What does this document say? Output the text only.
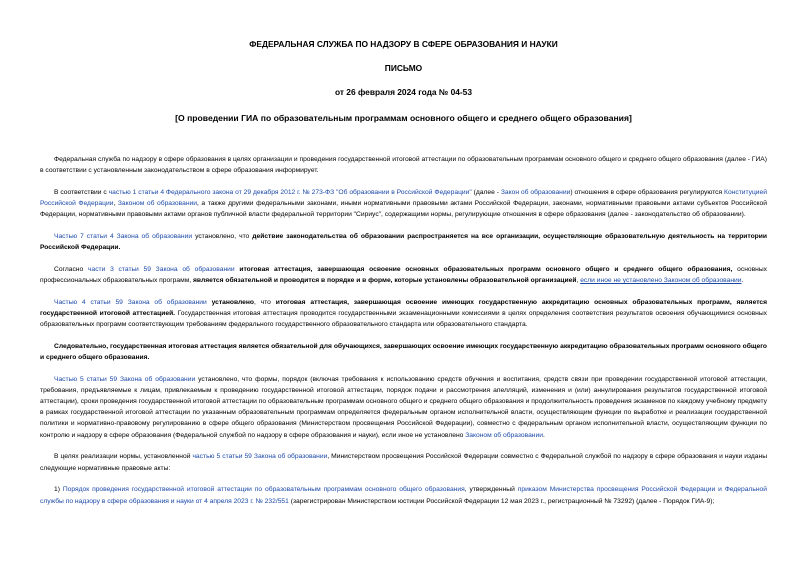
ФЕДЕРАЛЬНАЯ СЛУЖБА ПО НАДЗОРУ В СФЕРЕ ОБРАЗОВАНИЯ И НАУКИ
ПИСЬМО
от 26 февраля 2024 года № 04-53
[О проведении ГИА по образовательным программам основного общего и среднего общего образования]

Федеральная служба по надзору в сфере образования в целях организации и проведения государственной итоговой аттестации по образовательным программам основного общего и среднего общего образования (далее - ГИА) в соответствии с установленным законодательством в сфере образования информирует.

В соответствии с частью 1 статьи 4 Федерального закона от 29 декабря 2012 г. № 273-ФЗ "Об образовании в Российской Федерации" (далее - Закон об образовании) отношения в сфере образования регулируются Конституцией Российской Федерации, Законом об образовании, а также другими федеральными законами, иными нормативными правовыми актами Российской Федерации, законами, нормативными правовыми актами субъектов Российской Федерации, нормативными правовыми актами органов публичной власти федеральной территории "Сириус", содержащими нормы, регулирующие отношения в сфере образования (далее - законодательство об образовании).

Частью 7 статьи 4 Закона об образовании установлено, что действие законодательства об образовании распространяется на все организации, осуществляющие образовательную деятельность на территории Российской Федерации.

Согласно части 3 статьи 59 Закона об образовании итоговая аттестация, завершающая освоение основных образовательных программ основного общего и среднего общего образования, основных профессиональных образовательных программ, является обязательной и проводится в порядке и в форме, которые установлены образовательной организацией, если иное не установлено Законом об образовании.

Частью 4 статьи 59 Закона об образовании установлено, что итоговая аттестация, завершающая освоение имеющих государственную аккредитацию основных образовательных программ, является государственной итоговой аттестацией. Государственная итоговая аттестация проводится государственными экзаменационными комиссиями в целях определения соответствия результатов освоения обучающимися основных образовательных программ соответствующим требованиям федерального государственного образовательного стандарта или образовательного стандарта.

Следовательно, государственная итоговая аттестация является обязательной для обучающихся, завершающих освоение имеющих государственную аккредитацию образовательных программ основного общего и среднего общего образования.

Частью 5 статьи 59 Закона об образовании установлено, что формы, порядок (включая требования к использованию средств обучения и воспитания, средств связи при проведении государственной итоговой аттестации, требования, предъявляемые к лицам, привлекаемым к проведению государственной итоговой аттестации, порядок подачи и рассмотрения апелляций, изменения и (или) аннулирования результатов государственной итоговой аттестации), сроки проведения государственной итоговой аттестации по образовательным программам основного общего и среднего общего образования и продолжительность проведения экзаменов по каждому учебному предмету в рамках государственной итоговой аттестации по указанным образовательным программам определяется федеральным органом исполнительной власти, осуществляющим функции по выработке и реализации государственной политики и нормативно-правовому регулированию в сфере общего образования (Министерством просвещения Российской Федерации), совместно с федеральным органом исполнительной власти, осуществляющим функции по контролю и надзору в сфере образования (Федеральной службой по надзору в сфере образования и науки), если иное не установлено Законом об образовании.

В целях реализации нормы, установленной частью 5 статьи 59 Закона об образовании, Министерством просвещения Российской Федерации совместно с Федеральной службой по надзору в сфере образования и науки изданы следующие нормативные правовые акты:

1) Порядок проведения государственной итоговой аттестации по образовательным программам основного общего образования, утвержденный приказом Министерства просвещения Российской Федерации и Федеральной службы по надзору в сфере образования и науки от 4 апреля 2023 г. № 232/551 (зарегистрирован Министерством юстиции Российской Федерации 12 мая 2023 г., регистрационный № 73292) (далее - Порядок ГИА-9);
